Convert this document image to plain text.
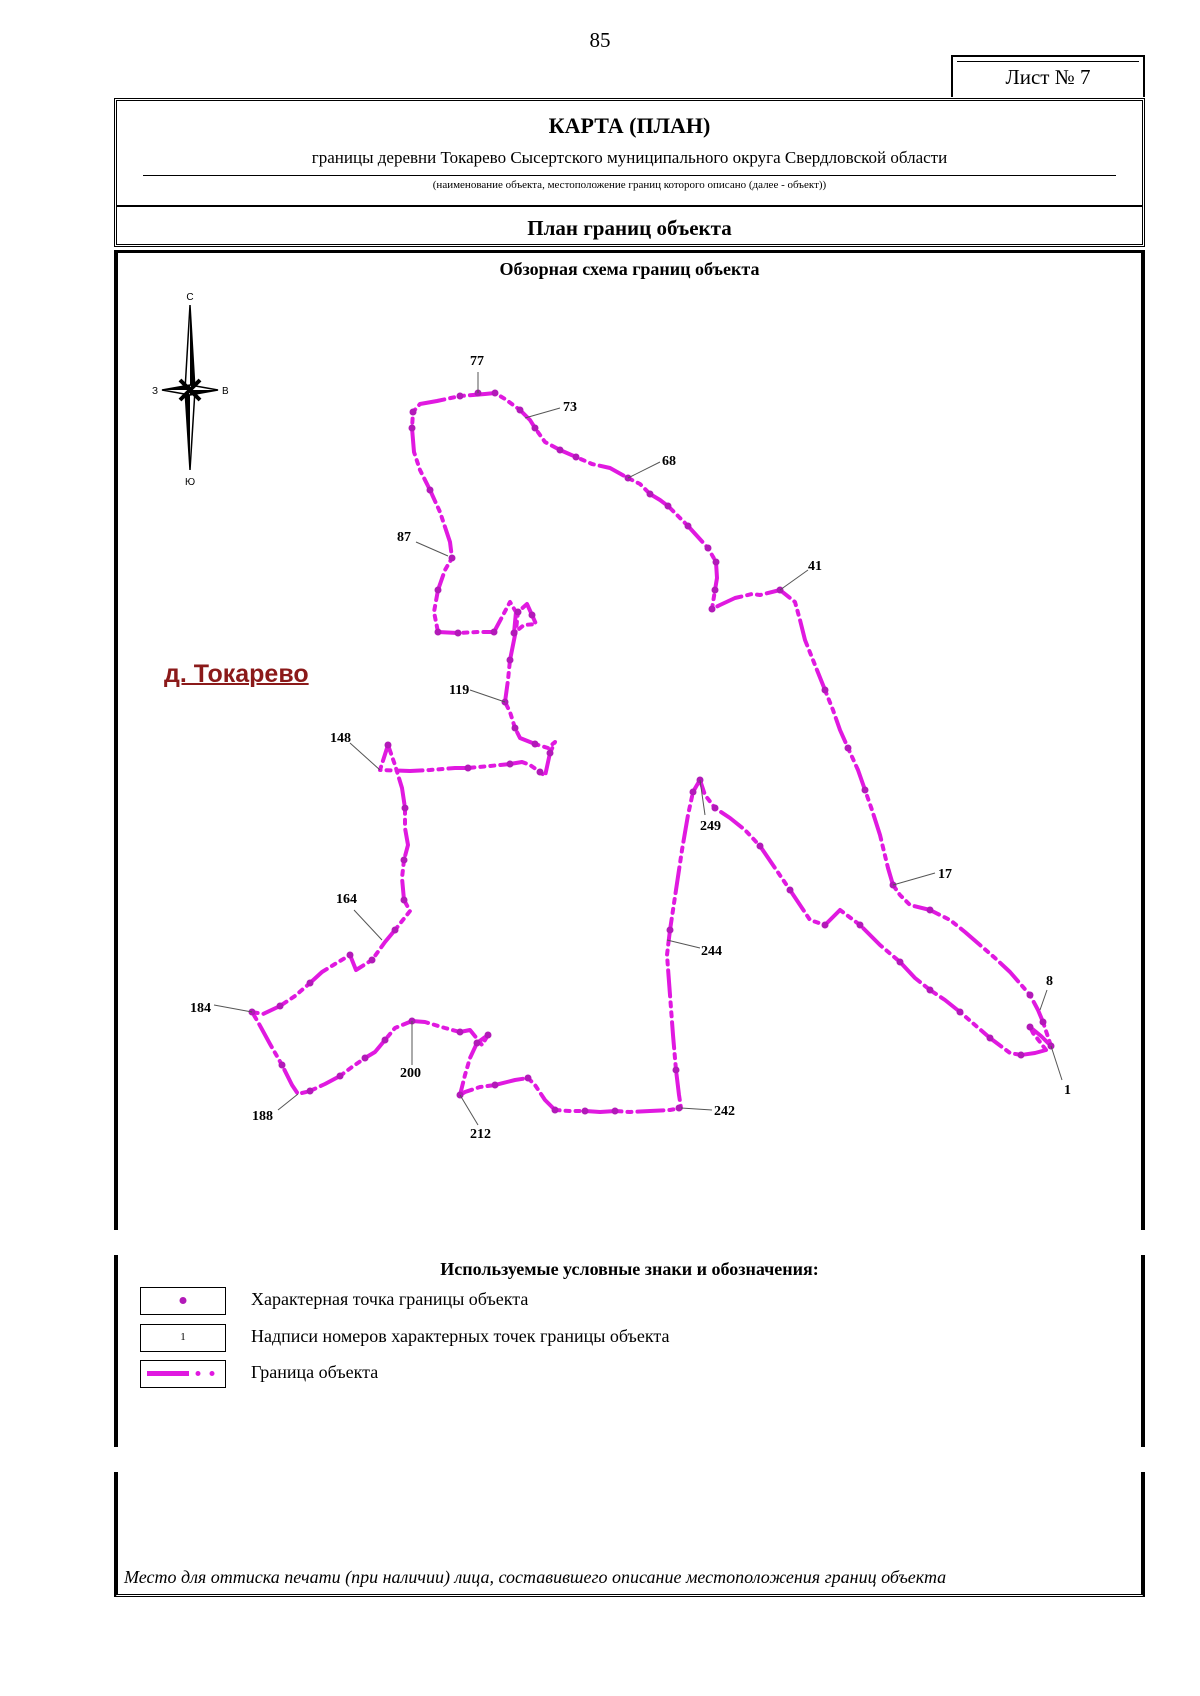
85
Лист № 7
КАРТА (ПЛАН)
границы деревни Токарево Сысертского муниципального округа Свердловской области
(наименование объекта, местоположение границ которого описано (далее - объект))
План границ объекта
Обзорная схема границ объекта
С
Ю
З	В
77
73
68
87
41
119
148
249
17
164
244
8
184
200
1
242
188
212
д. Токарево
Используемые условные знаки и обозначения:
Характерная точка границы объекта
1	Надписи номеров характерных точек границы объекта
Граница объекта
Место для оттиска печати (при наличии) лица, составившего описание местоположения границ объекта
